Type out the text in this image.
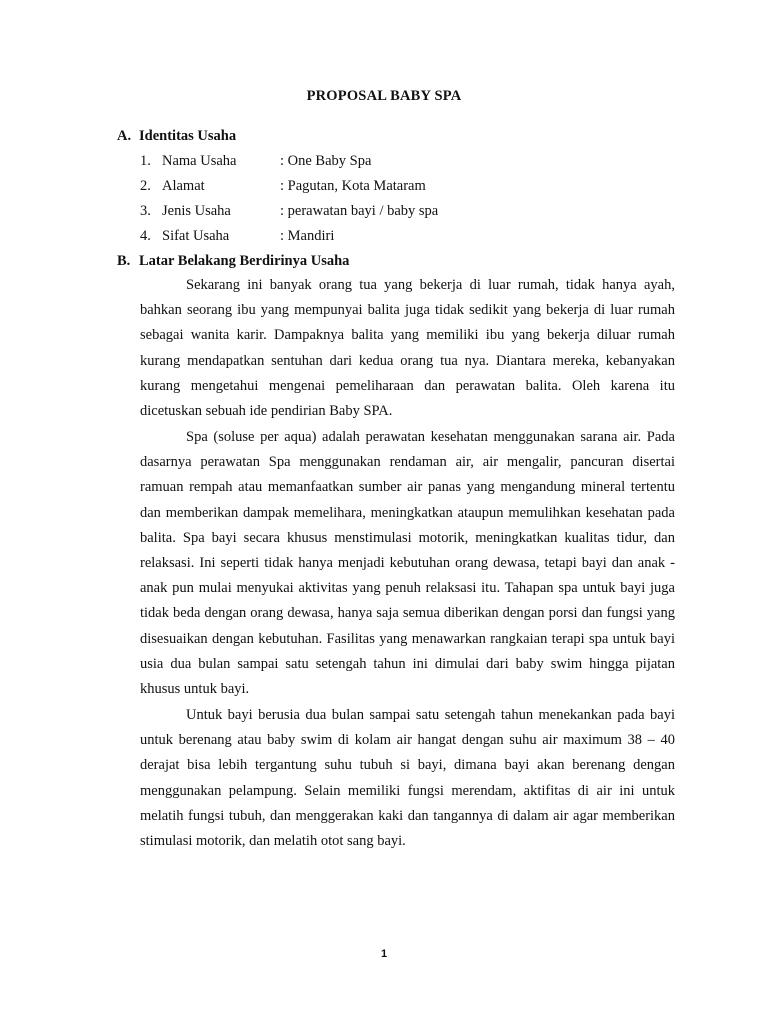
PROPOSAL BABY SPA
A. Identitas Usaha
1. Nama Usaha	: One Baby Spa
2. Alamat	: Pagutan, Kota Mataram
3. Jenis Usaha	: perawatan bayi / baby spa
4. Sifat Usaha	: Mandiri
B. Latar Belakang Berdirinya Usaha

Sekarang ini banyak orang tua yang bekerja di luar rumah, tidak hanya ayah, bahkan seorang ibu yang mempunyai balita juga tidak sedikit yang bekerja di luar rumah sebagai wanita karir. Dampaknya balita yang memiliki ibu yang bekerja diluar rumah kurang mendapatkan sentuhan dari kedua orang tua nya. Diantara mereka, kebanyakan kurang mengetahui mengenai pemeliharaan dan perawatan balita. Oleh karena itu dicetuskan sebuah ide pendirian Baby SPA.

Spa (soluse per aqua) adalah perawatan kesehatan menggunakan sarana air. Pada dasarnya perawatan Spa menggunakan rendaman air, air mengalir, pancuran disertai ramuan rempah atau memanfaatkan sumber air panas yang mengandung mineral tertentu dan memberikan dampak memelihara, meningkatkan ataupun memulihkan kesehatan pada balita. Spa bayi secara khusus menstimulasi motorik, meningkatkan kualitas tidur, dan relaksasi. Ini seperti tidak hanya menjadi kebutuhan orang dewasa, tetapi bayi dan anak - anak pun mulai menyukai aktivitas yang penuh relaksasi itu. Tahapan spa untuk bayi juga tidak beda dengan orang dewasa, hanya saja semua diberikan dengan porsi dan fungsi yang disesuaikan dengan kebutuhan. Fasilitas yang menawarkan rangkaian terapi spa untuk bayi usia dua bulan sampai satu setengah tahun ini dimulai dari baby swim hingga pijatan khusus untuk bayi.

Untuk bayi berusia dua bulan sampai satu setengah tahun menekankan pada bayi untuk berenang atau baby swim di kolam air hangat dengan suhu air maximum 38 – 40 derajat bisa lebih tergantung suhu tubuh si bayi, dimana bayi akan berenang dengan menggunakan pelampung. Selain memiliki fungsi merendam, aktifitas di air ini untuk melatih fungsi tubuh, dan menggerakan kaki dan tangannya di dalam air agar memberikan stimulasi motorik, dan melatih otot sang bayi.

1
